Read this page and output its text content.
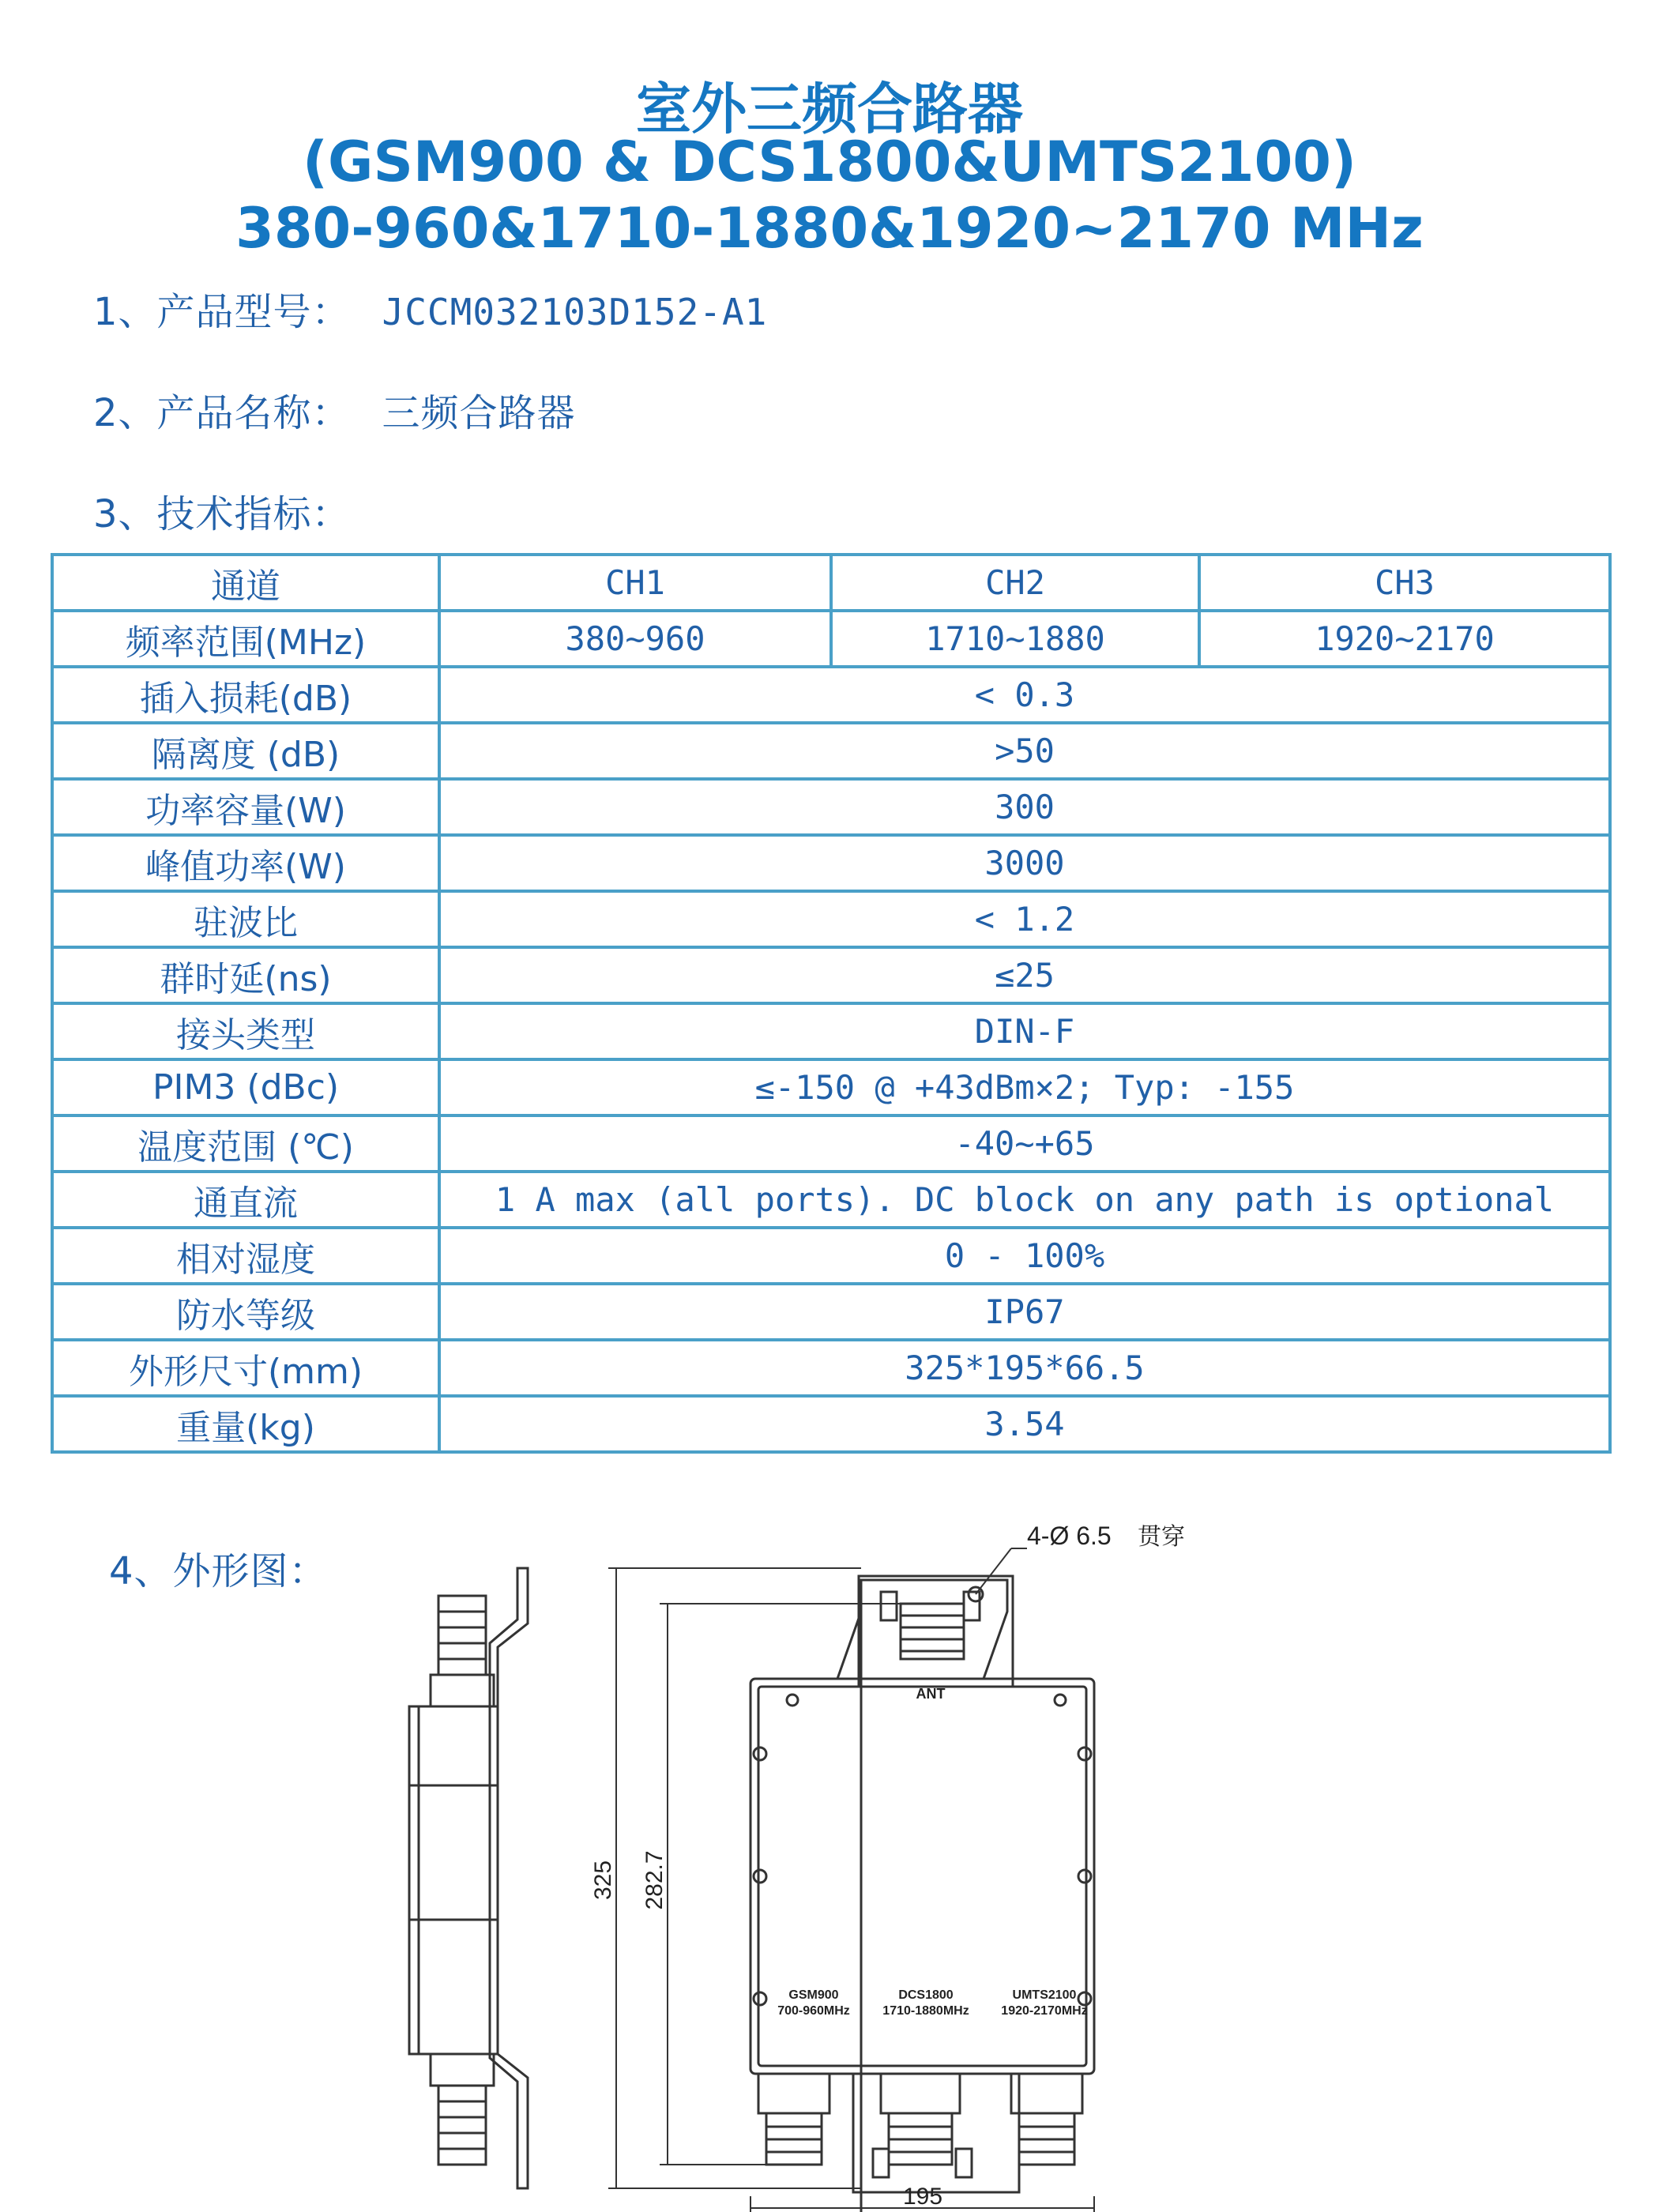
室外三频合路器
(GSM900 & DCS1800&UMTS2100)
380-960&1710-1880&1920~2170 MHz
1、产品型号： JCCM032103D152-A1
2、产品名称： 三频合路器
3、技术指标：
通道	CH1	CH2	CH3
频率范围(MHz)	380~960	1710~1880	1920~2170
插入损耗(dB)	< 0.3		
隔离度 (dB)	>50		
功率容量(W)	300		
峰值功率(W)	3000		
驻波比	< 1.2		
群时延(ns)	≤25		
接头类型	DIN-F		
PIM3 (dBc)	≤-150 @ +43dBm×2; Typ: -155		
温度范围 (℃)	-40~+65		
通直流	1 A max (all ports). DC block on any path is optional		
相对湿度	0 - 100%		
防水等级	IP67		
外形尺寸(mm)	325*195*66.5		
重量(kg)	3.54		
4、外形图：
4-Ø 6.5 贯穿
ANT
GSM900
700-960MHz
DCS1800
1710-1880MHz
UMTS2100
1920-2170MHz
325 282.7
195
